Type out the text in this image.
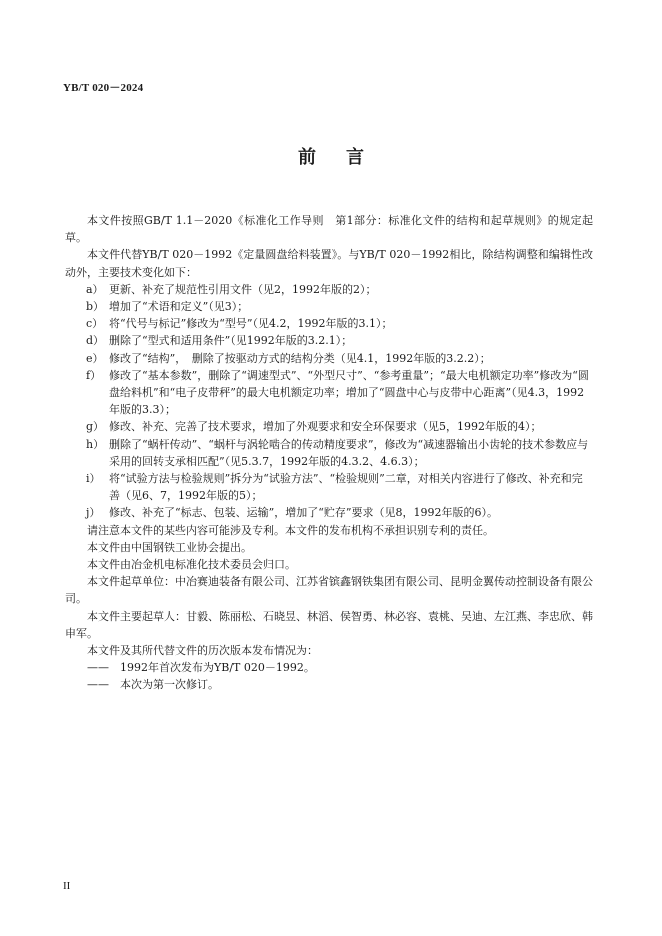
YB/T 020－2024
前言

本文件按照GB/T 1.1－2020《标准化工作导则　第1部分：标准化文件的结构和起草规则》的规定起草。

本文件代替YB/T 020－1992《定量圆盘给料装置》。与YB/T 020－1992相比，除结构调整和编辑性改动外，主要技术变化如下：

a） 更新、补充了规范性引用文件（见2，1992年版的2）；
b） 增加了“术语和定义”（见3）；
c） 将“代号与标记”修改为“型号”（见4.2，1992年版的3.1）；
d） 删除了“型式和适用条件”（见1992年版的3.2.1）；
e） 修改了“结构”，　删除了按驱动方式的结构分类（见4.1，1992年版的3.2.2）；
f） 修改了“基本参数”，删除了“调速型式”、“外型尺寸”、“参考重量”；“最大电机额定功率”修改为“圆盘给料机”和“电子皮带秤”的最大电机额定功率；增加了“圆盘中心与皮带中心距离”（见4.3，1992年版的3.3）；
g） 修改、补充、完善了技术要求，增加了外观要求和安全环保要求（见5，1992年版的4）；
h） 删除了“蜗杆传动”、“蜗杆与涡轮啮合的传动精度要求”，修改为“减速器输出小齿轮的技术参数应与采用的回转支承相匹配”（见5.3.7，1992年版的4.3.2、4.6.3）；
i） 将“试验方法与检验规则”拆分为“试验方法”、“检验规则”二章，对相关内容进行了修改、补充和完善（见6、7，1992年版的5）；
j） 修改、补充了“标志、包装、运输”，增加了“贮存”要求（见8，1992年版的6）。

请注意本文件的某些内容可能涉及专利。本文件的发布机构不承担识别专利的责任。

本文件由中国钢铁工业协会提出。

本文件由冶金机电标准化技术委员会归口。

本文件起草单位：中冶赛迪装备有限公司、江苏省镔鑫钢铁集团有限公司、昆明金翼传动控制设备有限公司。

本文件主要起草人：甘毅、陈丽松、石晓昱、林滔、侯智勇、林必容、袁桃、吴迪、左江燕、李忠欣、韩申军。

本文件及其所代替文件的历次版本发布情况为：

——　1992年首次发布为YB/T 020－1992。

——　本次为第一次修订。

II
